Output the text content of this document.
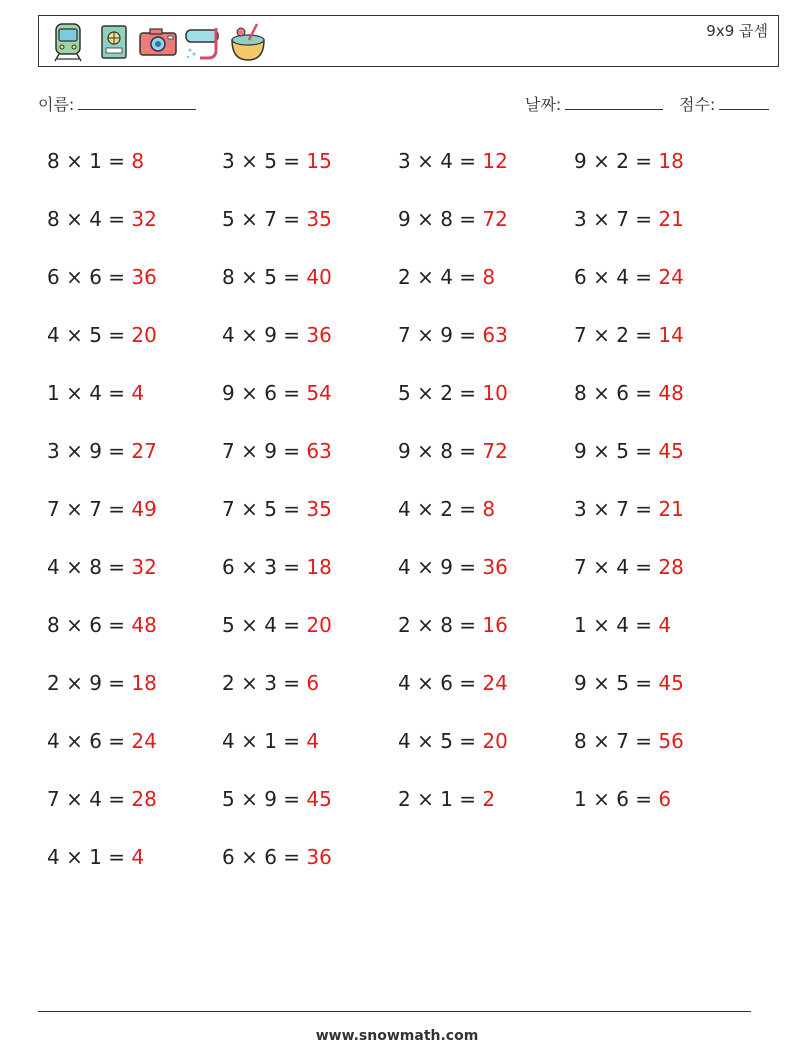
9x9 곱셈
이름:	날짜:	점수:
8 × 1 = 8	3 × 5 = 15	3 × 4 = 12	9 × 2 = 18
8 × 4 = 32	5 × 7 = 35	9 × 8 = 72	3 × 7 = 21
6 × 6 = 36	8 × 5 = 40	2 × 4 = 8	6 × 4 = 24
4 × 5 = 20	4 × 9 = 36	7 × 9 = 63	7 × 2 = 14
1 × 4 = 4	9 × 6 = 54	5 × 2 = 10	8 × 6 = 48
3 × 9 = 27	7 × 9 = 63	9 × 8 = 72	9 × 5 = 45
7 × 7 = 49	7 × 5 = 35	4 × 2 = 8	3 × 7 = 21
4 × 8 = 32	6 × 3 = 18	4 × 9 = 36	7 × 4 = 28
8 × 6 = 48	5 × 4 = 20	2 × 8 = 16	1 × 4 = 4
2 × 9 = 18	2 × 3 = 6	4 × 6 = 24	9 × 5 = 45
4 × 6 = 24	4 × 1 = 4	4 × 5 = 20	8 × 7 = 56
7 × 4 = 28	5 × 9 = 45	2 × 1 = 2	1 × 6 = 6
4 × 1 = 4	6 × 6 = 36
www.snowmath.com
